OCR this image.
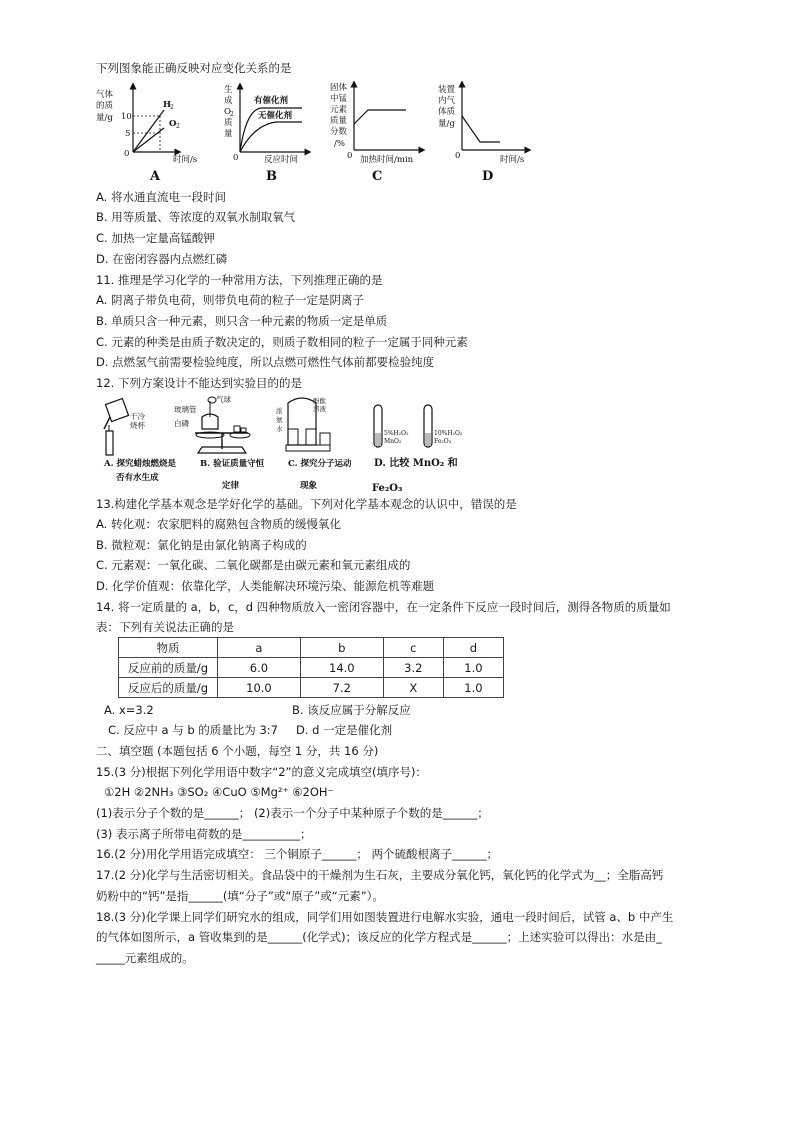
下列图象能正确反映对应变化关系的是
气体
的质
量/g 10
5
0
H
2
O 2
时间/s
A
生
成
O 2
质
量
0
有催化剂
无催化剂
反应时间
B
固体
中锰
元素
质量
分数
/%
0 加热时间/min
C
装置
内气
体质
量/g
0	时间/s
D
A. 将水通直流电一段时间
B. 用等质量、等浓度的双氧水制取氧气
C. 加热一定量高锰酸钾
D. 在密闭容器内点燃红磷
11. 推理是学习化学的一种常用方法，下列推理正确的是
A. 阴离子带负电荷，则带负电荷的粒子一定是阴离子
B. 单质只含一种元素，则只含一种元素的物质一定是单质
C. 元素的种类是由质子数决定的，则质子数相同的粒子一定属于同种元素
D. 点燃氢气前需要检验纯度，所以点燃可燃性气体前都要检验纯度
12. 下列方案设计不能达到实验目的的是
干冷
烧杯
玻璃管
气球
白磷
酚酞
溶液
浓
氨
水
5%H₂O₂
MnO₂
10%H₂O₂
Fe₂O₃
A. 探究蜡烛燃烧是
否有水生成
B. 验证质量守恒
定律
C. 探究分子运动
现象
D. 比较 MnO₂ 和
Fe₂O₃
13.构建化学基本观念是学好化学的基础。下列对化学基本观念的认识中，错误的是
A. 转化观：农家肥料的腐熟包含物质的缓慢氧化
B. 微粒观：氯化钠是由氯化钠离子构成的
C. 元素观：一氧化碳、二氧化碳都是由碳元素和氧元素组成的
D. 化学价值观：依靠化学，人类能解决环境污染、能源危机等难题
14. 将一定质量的 a，b，c，d 四种物质放入一密闭容器中，在一定条件下反应一段时间后，测得各物质的质量如
表：下列有关说法正确的是
物质	a	b	c	d
反应前的质量/g	6.0	14.0	3.2	1.0
反应后的质量/g	10.0	7.2	X	1.0
A. x=3.2	B. 该反应属于分解反应
C. 反应中 a 与 b 的质量比为 3:7 D. d 一定是催化剂
二、填空题 (本题包括 6 个小题，每空 1 分，共 16 分)
15.(3 分)根据下列化学用语中数字“2”的意义完成填空(填序号)：
①2H ②2NH₃ ③SO₂ ④CuO ⑤Mg²⁺ ⑥2OH⁻
(1)表示分子个数的是______； (2)表示一个分子中某种原子个数的是______；
(3) 表示离子所带电荷数的是__________；
16.(2 分)用化学用语完成填空： 三个铜原子______； 两个硫酸根离子______；
17.(2 分)化学与生活密切相关。食品袋中的干燥剂为生石灰，主要成分氧化钙，氧化钙的化学式为__；全脂高钙
奶粉中的“钙”是指______(填“分子”或“原子”或“元素”）。
18.(3 分)化学课上同学们研究水的组成，同学们用如图装置进行电解水实验，通电一段时间后，试管 a、b 中产生
的气体如图所示，a 管收集到的是______(化学式)；该反应的化学方程式是______；上述实验可以得出：水是由_
_____元素组成的。
